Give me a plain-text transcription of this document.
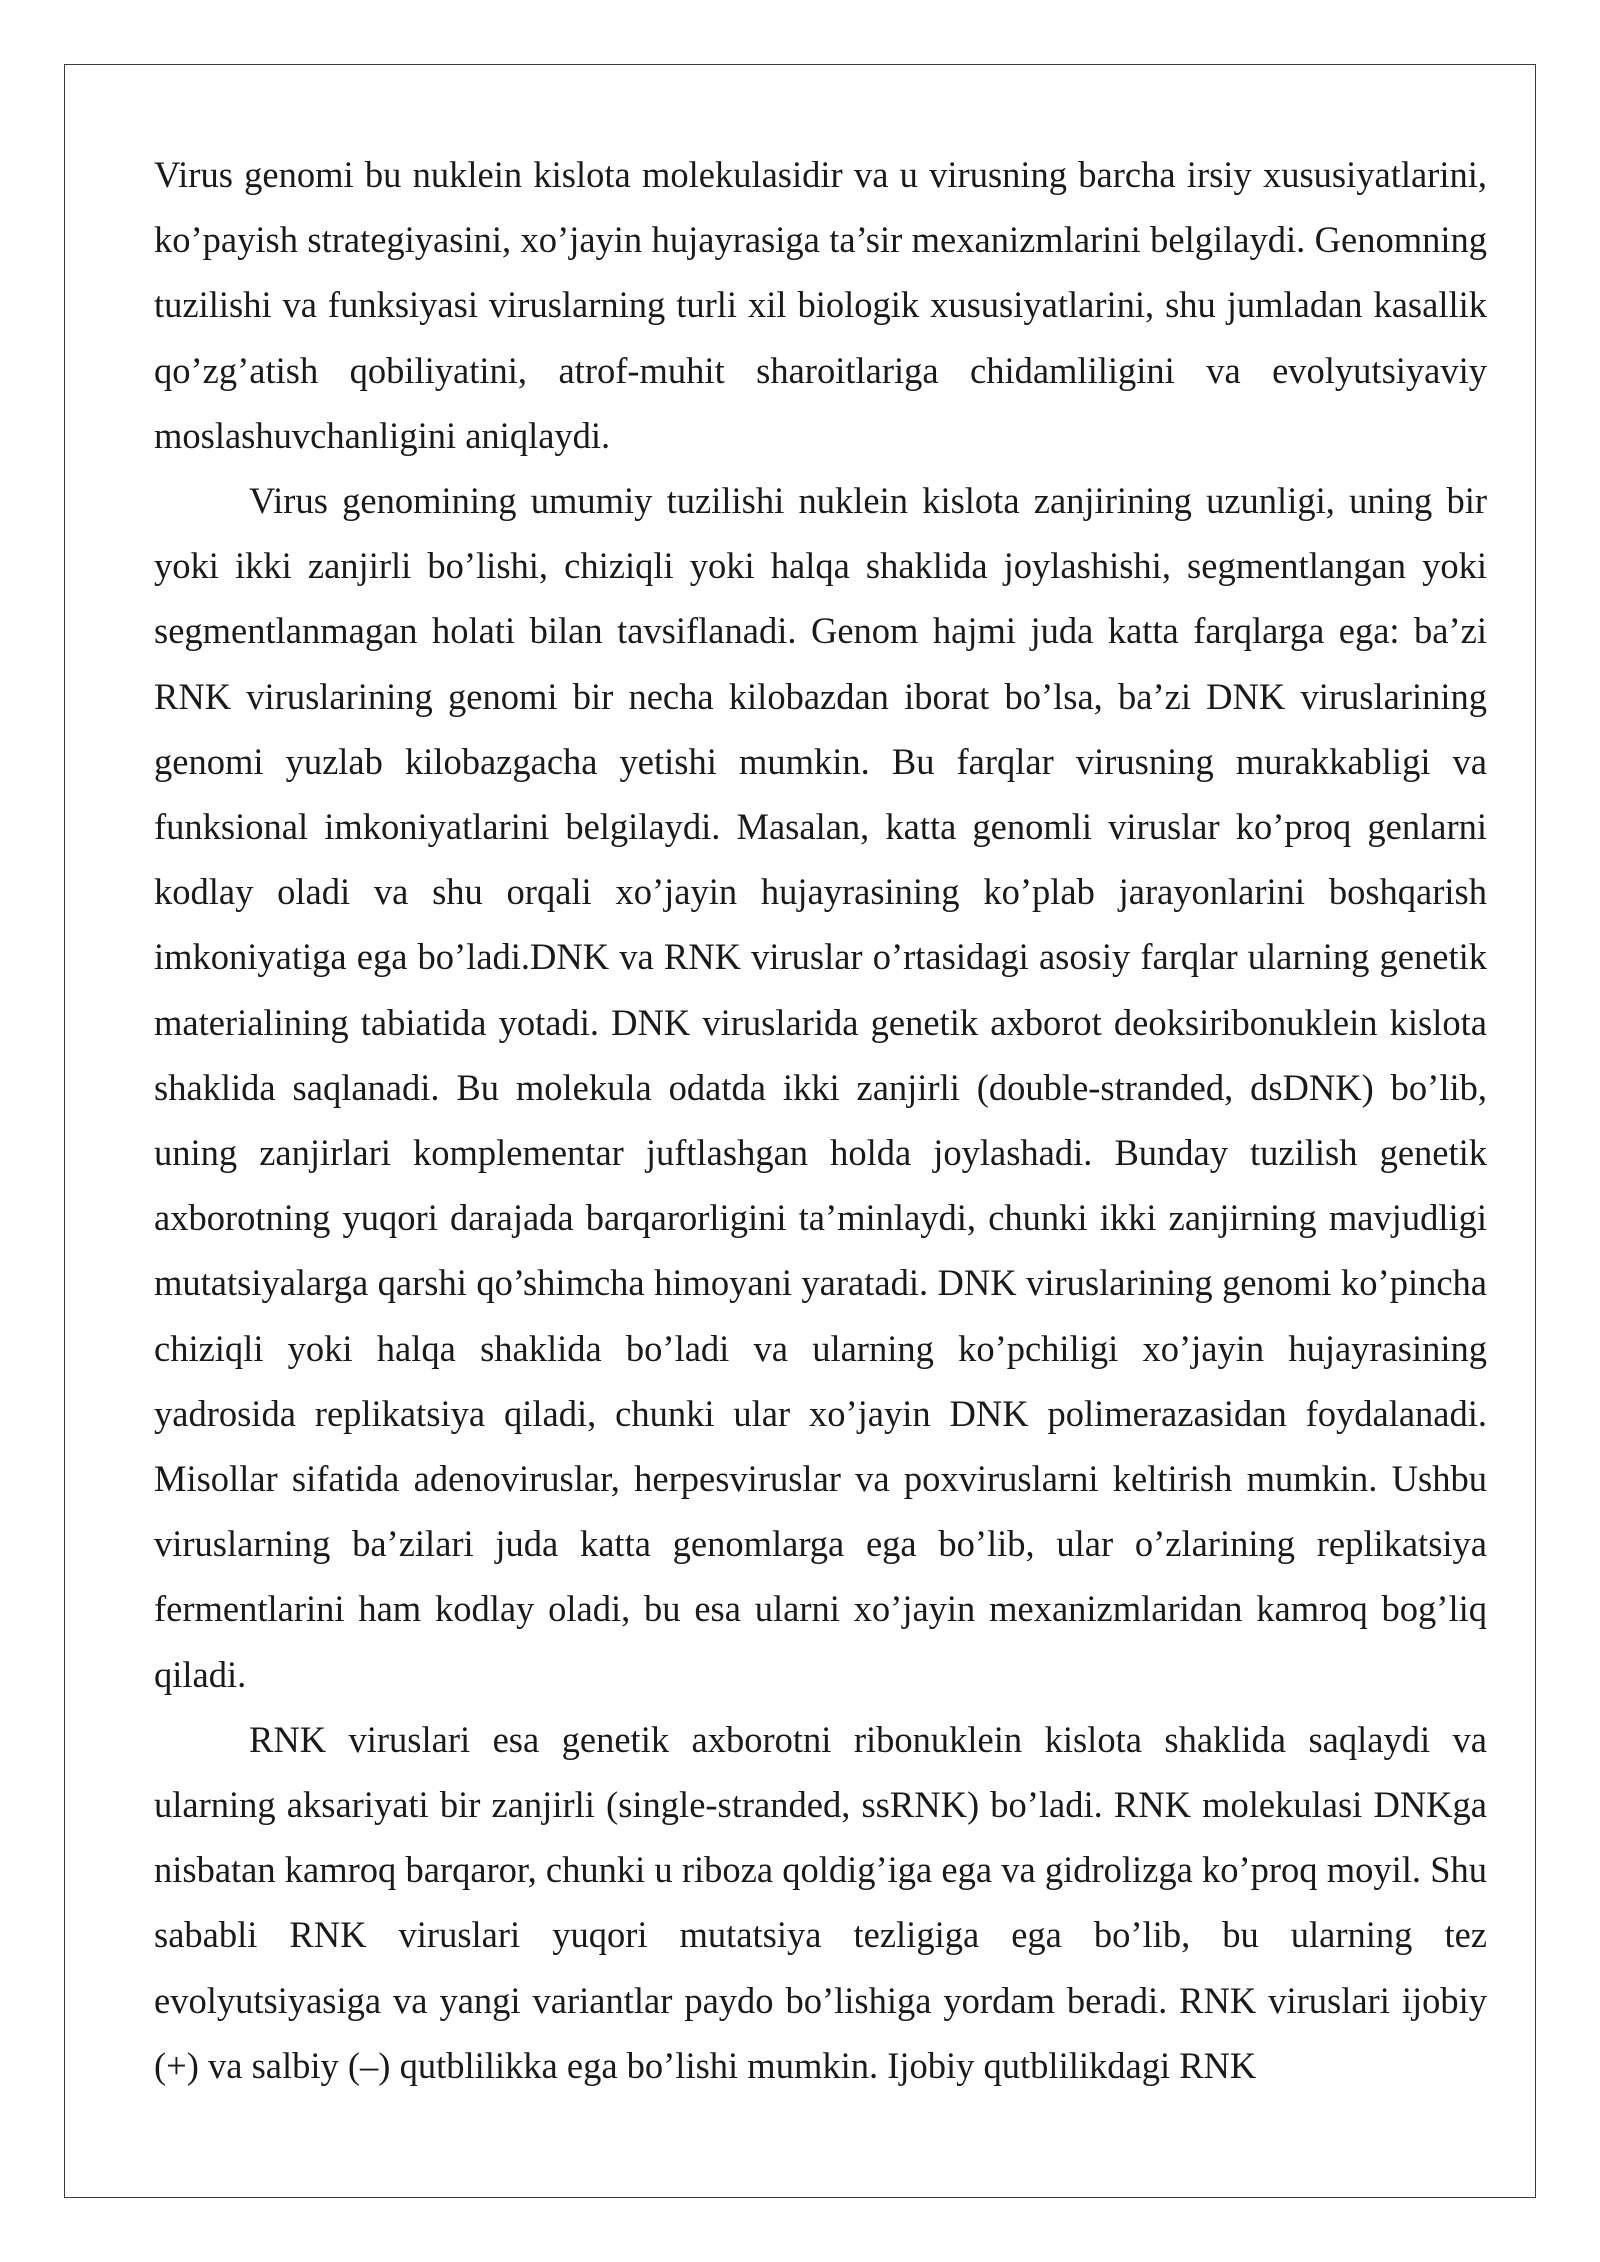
Virus genomi bu nuklein kislota molekulasidir va u virusning barcha irsiy xususiyatlarini, ko’payish strategiyasini, xo’jayin hujayrasiga ta’sir mexanizmlarini belgilaydi. Genomning tuzilishi va funksiyasi viruslarning turli xil biologik xususiyatlarini, shu jumladan kasallik qo’zg’atish qobiliyatini, atrof-muhit sharoitlariga chidamliligini va evolyutsiyaviy moslashuvchanligini aniqlaydi.

Virus genomining umumiy tuzilishi nuklein kislota zanjirining uzunligi, uning bir yoki ikki zanjirli bo’lishi, chiziqli yoki halqa shaklida joylashishi, segmentlangan yoki segmentlanmagan holati bilan tavsiflanadi. Genom hajmi juda katta farqlarga ega: ba’zi RNK viruslarining genomi bir necha kilobazdan iborat bo’lsa, ba’zi DNK viruslarining genomi yuzlab kilobazgacha yetishi mumkin. Bu farqlar virusning murakkabligi va funksional imkoniyatlarini belgilaydi. Masalan, katta genomli viruslar ko’proq genlarni kodlay oladi va shu orqali xo’jayin hujayrasining ko’plab jarayonlarini boshqarish imkoniyatiga ega bo’ladi.DNK va RNK viruslar o’rtasidagi asosiy farqlar ularning genetik materialining tabiatida yotadi. DNK viruslarida genetik axborot deoksiribonuklein kislota shaklida saqlanadi. Bu molekula odatda ikki zanjirli (double-stranded, dsDNK) bo’lib, uning zanjirlari komplementar juftlashgan holda joylashadi. Bunday tuzilish genetik axborotning yuqori darajada barqarorligini ta’minlaydi, chunki ikki zanjirning mavjudligi mutatsiyalarga qarshi qo’shimcha himoyani yaratadi. DNK viruslarining genomi ko’pincha chiziqli yoki halqa shaklida bo’ladi va ularning ko’pchiligi xo’jayin hujayrasining yadrosida replikatsiya qiladi, chunki ular xo’jayin DNK polimerazasidan foydalanadi. Misollar sifatida adenoviruslar, herpesviruslar va poxviruslarni keltirish mumkin. Ushbu viruslarning ba’zilari juda katta genomlarga ega bo’lib, ular o’zlarining replikatsiya fermentlarini ham kodlay oladi, bu esa ularni xo’jayin mexanizmlaridan kamroq bog’liq qiladi.

RNK viruslari esa genetik axborotni ribonuklein kislota shaklida saqlaydi va ularning aksariyati bir zanjirli (single-stranded, ssRNK) bo’ladi. RNK molekulasi DNKga nisbatan kamroq barqaror, chunki u riboza qoldig’iga ega va gidrolizga ko’proq moyil. Shu sababli RNK viruslari yuqori mutatsiya tezligiga ega bo’lib, bu ularning tez evolyutsiyasiga va yangi variantlar paydo bo’lishiga yordam beradi. RNK viruslari ijobiy (+) va salbiy (–) qutblilikka ega bo’lishi mumkin. Ijobiy qutblilikdagi RNK
